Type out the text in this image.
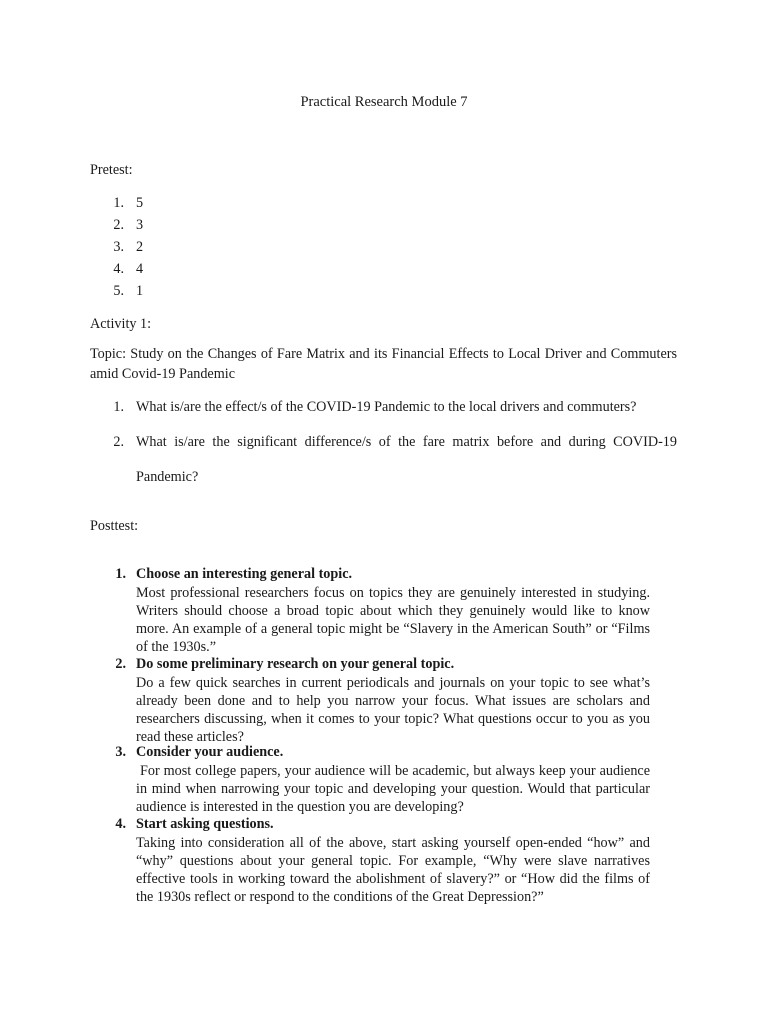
Practical Research Module 7

Pretest:

1. 5
2. 3
3. 2
4. 4
5. 1

Activity 1:

Topic: Study on the Changes of Fare Matrix and its Financial Effects to Local Driver and Commuters amid Covid-19 Pandemic

1. What is/are the effect/s of the COVID-19 Pandemic to the local drivers and commuters?
2. What is/are the significant difference/s of the fare matrix before and during COVID-19
Pandemic?

Posttest:

1. Choose an interesting general topic.

Most professional researchers focus on topics they are genuinely interested in studying. Writers should choose a broad topic about which they genuinely would like to know more. An example of a general topic might be “Slavery in the American South” or “Films of the 1930s.”

2. Do some preliminary research on your general topic.

Do a few quick searches in current periodicals and journals on your topic to see what’s already been done and to help you narrow your focus. What issues are scholars and researchers discussing, when it comes to your topic? What questions occur to you as you read these articles?

3. Consider your audience.

For most college papers, your audience will be academic, but always keep your audience in mind when narrowing your topic and developing your question. Would that particular audience is interested in the question you are developing?

4. Start asking questions.

Taking into consideration all of the above, start asking yourself open-ended “how” and “why” questions about your general topic. For example, “Why were slave narratives effective tools in working toward the abolishment of slavery?” or “How did the films of the 1930s reflect or respond to the conditions of the Great Depression?”
